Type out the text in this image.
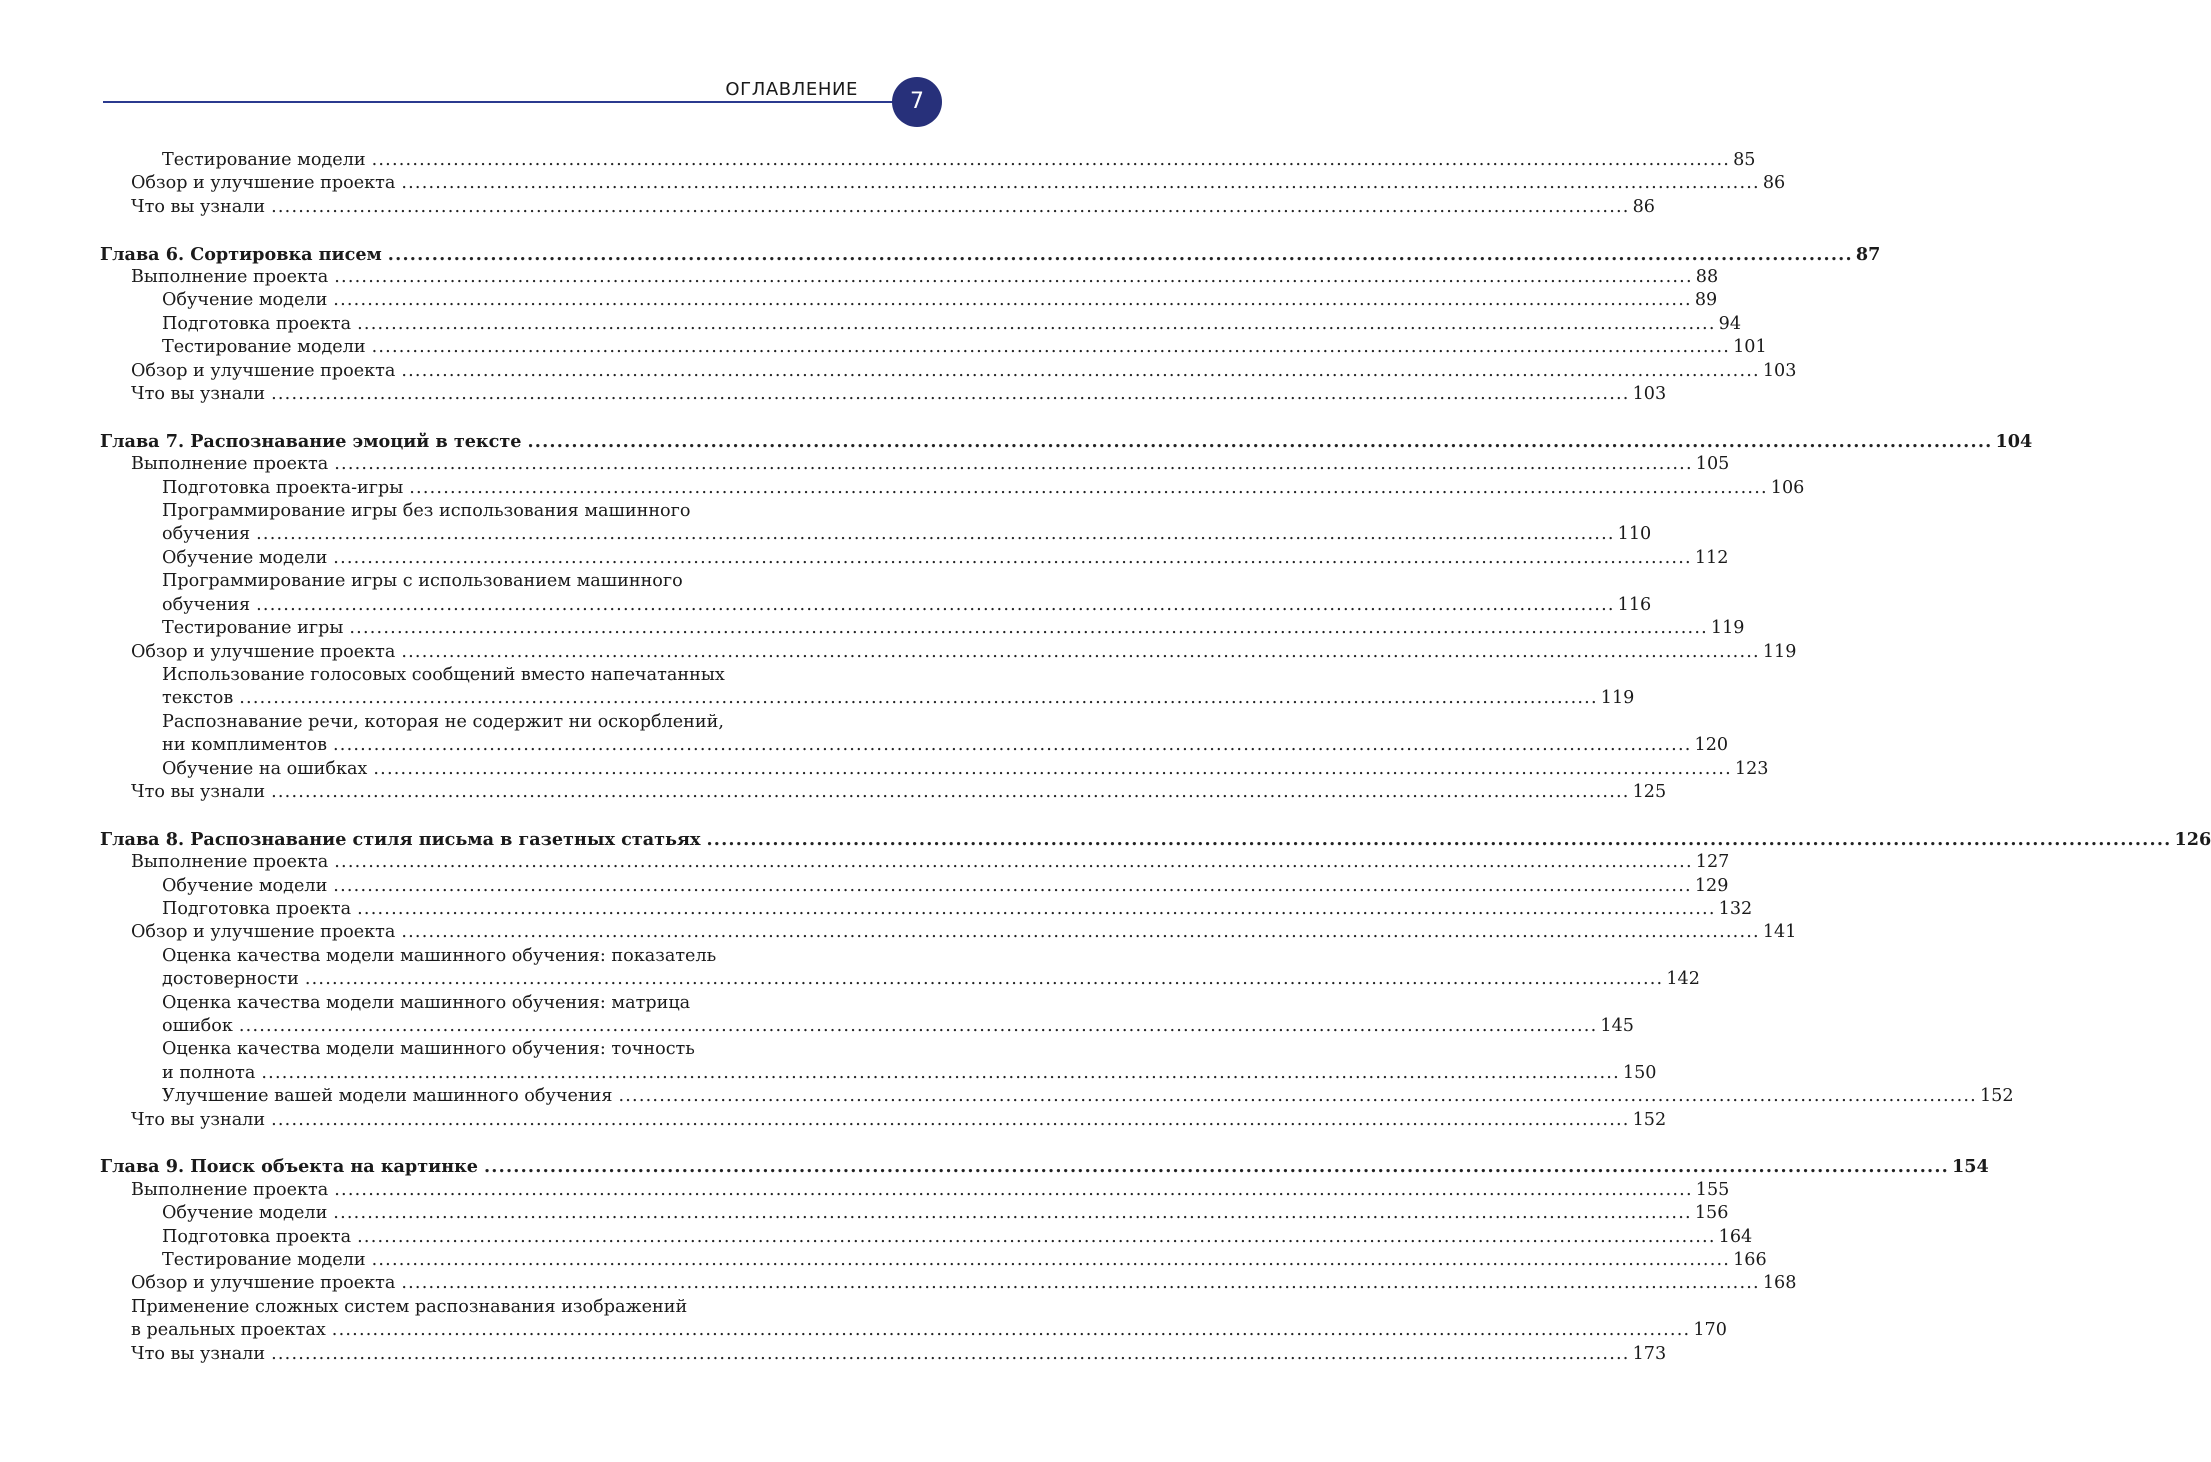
ОГЛАВЛЕНИЕ	7
Тестирование модели ........................................................................................................................................................................................................ 85
Обзор и улучшение проекта ........................................................................................................................................................................................................ 86
Что вы узнали ........................................................................................................................................................................................................ 86
Глава 6. Сортировка писем ........................................................................................................................................................................................................ 87
Выполнение проекта ........................................................................................................................................................................................................ 88
Обучение модели ........................................................................................................................................................................................................ 89
Подготовка проекта ........................................................................................................................................................................................................ 94
Тестирование модели ........................................................................................................................................................................................................ 101
Обзор и улучшение проекта ........................................................................................................................................................................................................ 103
Что вы узнали ........................................................................................................................................................................................................ 103
Глава 7. Распознавание эмоций в тексте ........................................................................................................................................................................................................ 104
Выполнение проекта ........................................................................................................................................................................................................ 105
Подготовка проекта-игры ........................................................................................................................................................................................................ 106
Программирование игры без использования машинного
обучения ........................................................................................................................................................................................................ 110
Обучение модели ........................................................................................................................................................................................................ 112
Программирование игры с использованием машинного
обучения ........................................................................................................................................................................................................ 116
Тестирование игры ........................................................................................................................................................................................................ 119
Обзор и улучшение проекта ........................................................................................................................................................................................................ 119
Использование голосовых сообщений вместо напечатанных
текстов ........................................................................................................................................................................................................ 119
Распознавание речи, которая не содержит ни оскорблений,
ни комплиментов ........................................................................................................................................................................................................ 120
Обучение на ошибках ........................................................................................................................................................................................................ 123
Что вы узнали ........................................................................................................................................................................................................ 125
Глава 8. Распознавание стиля письма в газетных статьях ........................................................................................................................................................................................................ 126
Выполнение проекта ........................................................................................................................................................................................................ 127
Обучение модели ........................................................................................................................................................................................................ 129
Подготовка проекта ........................................................................................................................................................................................................ 132
Обзор и улучшение проекта ........................................................................................................................................................................................................ 141
Оценка качества модели машинного обучения: показатель
достоверности ........................................................................................................................................................................................................ 142
Оценка качества модели машинного обучения: матрица
ошибок ........................................................................................................................................................................................................ 145
Оценка качества модели машинного обучения: точность
и полнота ........................................................................................................................................................................................................ 150
Улучшение вашей модели машинного обучения ........................................................................................................................................................................................................ 152
Что вы узнали ........................................................................................................................................................................................................ 152
Глава 9. Поиск объекта на картинке ........................................................................................................................................................................................................ 154
Выполнение проекта ........................................................................................................................................................................................................ 155
Обучение модели ........................................................................................................................................................................................................ 156
Подготовка проекта ........................................................................................................................................................................................................ 164
Тестирование модели ........................................................................................................................................................................................................ 166
Обзор и улучшение проекта ........................................................................................................................................................................................................ 168
Применение сложных систем распознавания изображений
в реальных проектах ........................................................................................................................................................................................................ 170
Что вы узнали ........................................................................................................................................................................................................ 173
